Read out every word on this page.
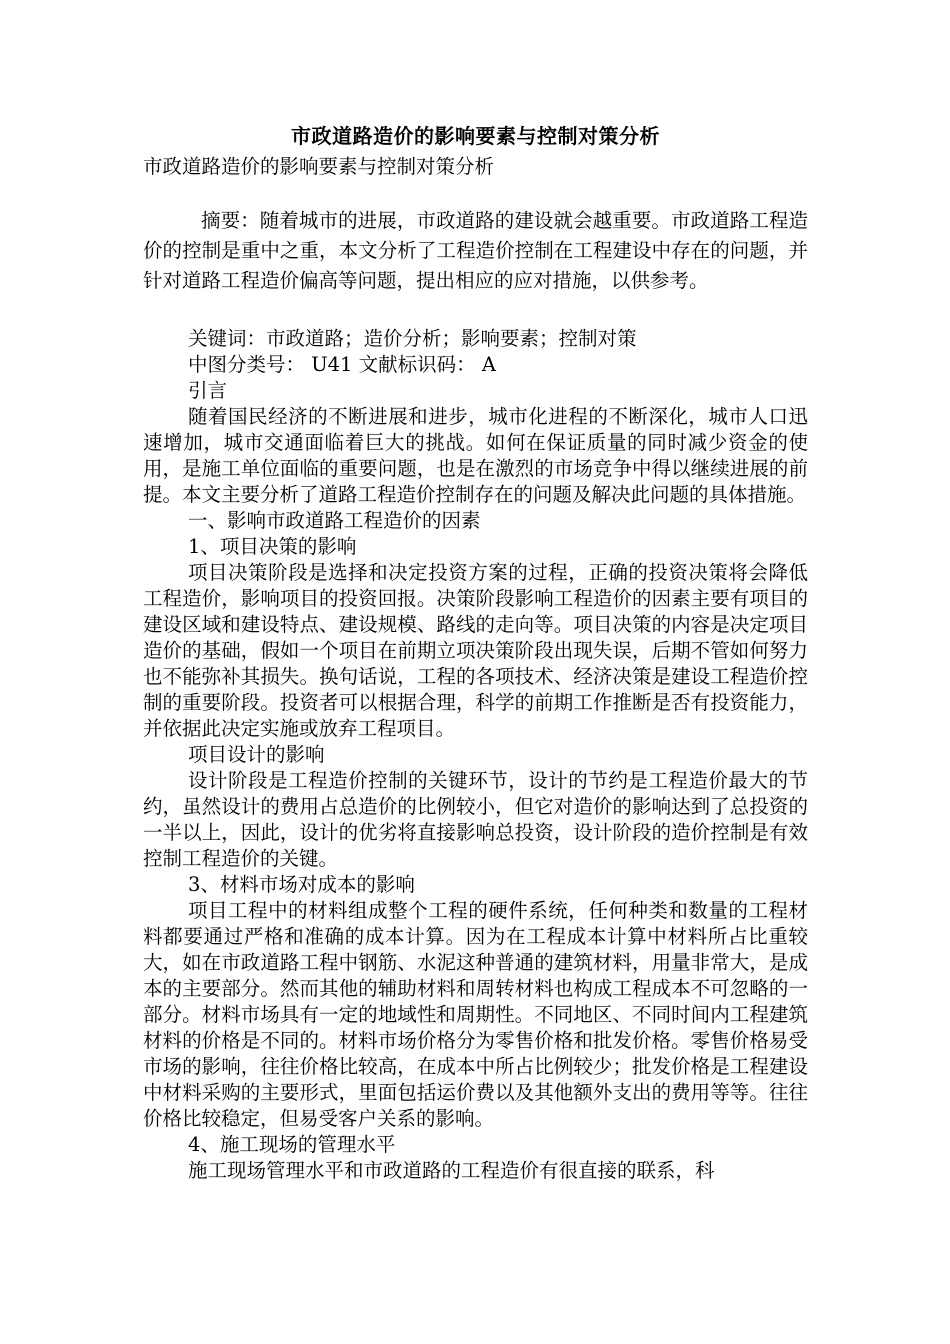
市政道路造价的影响要素与控制对策分析

市政道路造价的影响要素与控制对策分析

摘要：随着城市的进展，市政道路的建设就会越重要。市政道路工程造价的控制是重中之重，本文分析了工程造价控制在工程建设中存在的问题，并针对道路工程造价偏高等问题，提出相应的应对措施，以供参考。

关键词：市政道路；造价分析；影响要素；控制对策

中图分类号： U41 文献标识码： A

引言

随着国民经济的不断进展和进步，城市化进程的不断深化，城市人口迅速增加，城市交通面临着巨大的挑战。如何在保证质量的同时减少资金的使用，是施工单位面临的重要问题，也是在激烈的市场竞争中得以继续进展的前提。本文主要分析了道路工程造价控制存在的问题及解决此问题的具体措施。

一、影响市政道路工程造价的因素

1、项目决策的影响

项目决策阶段是选择和决定投资方案的过程，正确的投资决策将会降低工程造价，影响项目的投资回报。决策阶段影响工程造价的因素主要有项目的建设区域和建设特点、建设规模、路线的走向等。项目决策的内容是决定项目造价的基础，假如一个项目在前期立项决策阶段出现失误，后期不管如何努力也不能弥补其损失。换句话说，工程的各项技术、经济决策是建设工程造价控制的重要阶段。投资者可以根据合理，科学的前期工作推断是否有投资能力，并依据此决定实施或放弃工程项目。

项目设计的影响

设计阶段是工程造价控制的关键环节，设计的节约是工程造价最大的节约，虽然设计的费用占总造价的比例较小，但它对造价的影响达到了总投资的一半以上，因此，设计的优劣将直接影响总投资，设计阶段的造价控制是有效控制工程造价的关键。

3、材料市场对成本的影响

项目工程中的材料组成整个工程的硬件系统，任何种类和数量的工程材料都要通过严格和准确的成本计算。因为在工程成本计算中材料所占比重较大，如在市政道路工程中钢筋、水泥这种普通的建筑材料，用量非常大，是成本的主要部分。然而其他的辅助材料和周转材料也构成工程成本不可忽略的一部分。材料市场具有一定的地域性和周期性。不同地区、不同时间内工程建筑材料的价格是不同的。材料市场价格分为零售价格和批发价格。零售价格易受市场的影响，往往价格比较高，在成本中所占比例较少；批发价格是工程建设中材料采购的主要形式，里面包括运价费以及其他额外支出的费用等等。往往价格比较稳定，但易受客户关系的影响。

4、施工现场的管理水平

施工现场管理水平和市政道路的工程造价有很直接的联系，科
